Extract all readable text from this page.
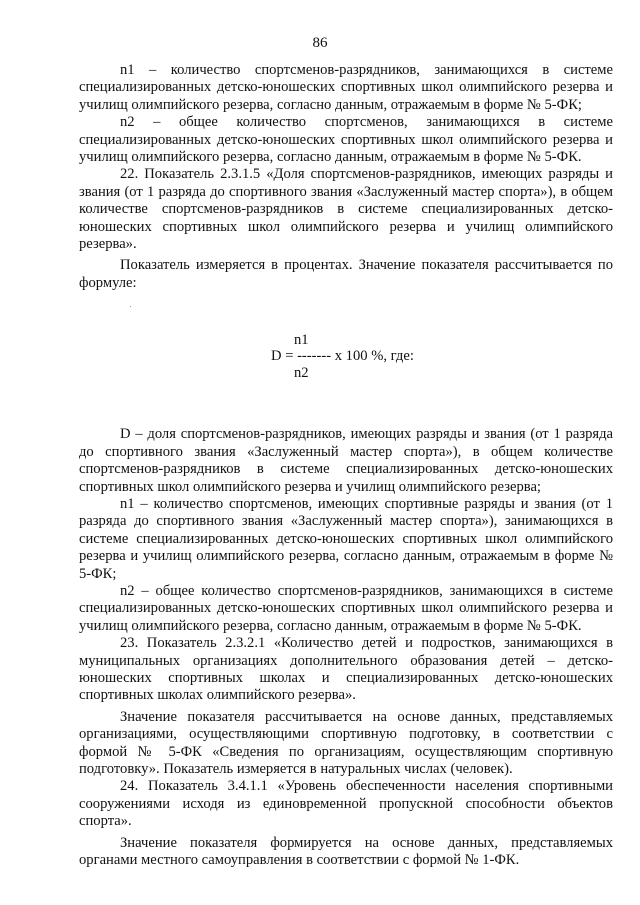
86

n1 – количество спортсменов-разрядников, занимающихся в системе специализированных детско-юношеских спортивных школ олимпийского резерва и училищ олимпийского резерва, согласно данным, отражаемым в форме № 5-ФК;

n2 – общее количество спортсменов, занимающихся в системе специализированных детско-юношеских спортивных школ олимпийского резерва и училищ олимпийского резерва, согласно данным, отражаемым в форме № 5-ФК.

22. Показатель 2.3.1.5 «Доля спортсменов-разрядников, имеющих разряды и звания (от 1 разряда до спортивного звания «Заслуженный мастер спорта»), в общем количестве спортсменов-разрядников в системе специализированных детско-юношеских спортивных школ олимпийского резерва и училищ олимпийского резерва».

Показатель измеряется в процентах. Значение показателя рассчитывается по формуле:

n1
D = ------- x 100 %, где:
n2

D – доля спортсменов-разрядников, имеющих разряды и звания (от 1 разряда до спортивного звания «Заслуженный мастер спорта»), в общем количестве спортсменов-разрядников в системе специализированных детско-юношеских спортивных школ олимпийского резерва и училищ олимпийского резерва;

n1 – количество спортсменов, имеющих спортивные разряды и звания (от 1 разряда до спортивного звания «Заслуженный мастер спорта»), занимающихся в системе специализированных детско-юношеских спортивных школ олимпийского резерва и училищ олимпийского резерва, согласно данным, отражаемым в форме № 5-ФК;

n2 – общее количество спортсменов-разрядников, занимающихся в системе специализированных детско-юношеских спортивных школ олимпийского резерва и училищ олимпийского резерва, согласно данным, отражаемым в форме № 5-ФК.

23. Показатель 2.3.2.1 «Количество детей и подростков, занимающихся в муниципальных организациях дополнительного образования детей – детско-юношеских спортивных школах и специализированных детско-юношеских спортивных школах олимпийского резерва».

Значение показателя рассчитывается на основе данных, представляемых организациями, осуществляющими спортивную подготовку, в соответствии с формой № 5-ФК «Сведения по организациям, осуществляющим спортивную подготовку». Показатель измеряется в натуральных числах (человек).

24. Показатель 3.4.1.1 «Уровень обеспеченности населения спортивными сооружениями исходя из единовременной пропускной способности объектов спорта».

Значение показателя формируется на основе данных, представляемых органами местного самоуправления в соответствии с формой № 1-ФК.
